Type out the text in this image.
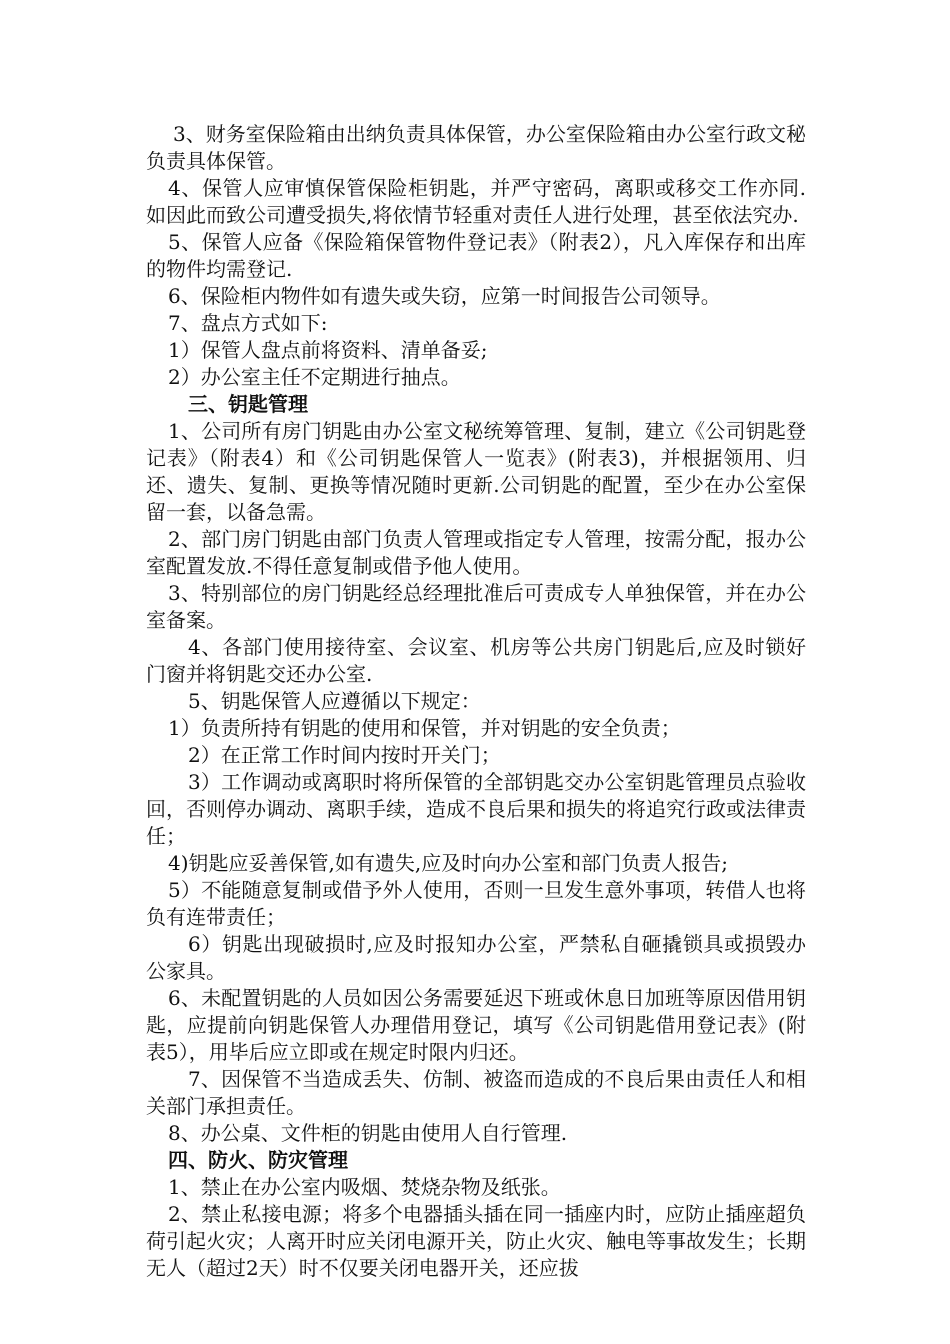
3、财务室保险箱由出纳负责具体保管，办公室保险箱由办公室行政文秘负责具体保管。

4、保管人应审慎保管保险柜钥匙，并严守密码，离职或移交工作亦同.如因此而致公司遭受损失,将依情节轻重对责任人进行处理，甚至依法究办.

5、保管人应备《保险箱保管物件登记表》（附表2），凡入库保存和出库的物件均需登记.

6、保险柜内物件如有遗失或失窃，应第一时间报告公司领导。

7、盘点方式如下:

1）保管人盘点前将资料、清单备妥;

2）办公室主任不定期进行抽点。

三、钥匙管理

1、公司所有房门钥匙由办公室文秘统筹管理、复制，建立《公司钥匙登记表》（附表4）和《公司钥匙保管人一览表》(附表3)，并根据领用、归还、遗失、复制、更换等情况随时更新.公司钥匙的配置，至少在办公室保留一套，以备急需。

2、部门房门钥匙由部门负责人管理或指定专人管理，按需分配，报办公室配置发放.不得任意复制或借予他人使用。

3、特别部位的房门钥匙经总经理批准后可责成专人单独保管，并在办公室备案。

4、各部门使用接待室、会议室、机房等公共房门钥匙后,应及时锁好门窗并将钥匙交还办公室.

5、钥匙保管人应遵循以下规定：

1）负责所持有钥匙的使用和保管，并对钥匙的安全负责；

2）在正常工作时间内按时开关门；

3）工作调动或离职时将所保管的全部钥匙交办公室钥匙管理员点验收回，否则停办调动、离职手续，造成不良后果和损失的将追究行政或法律责任；

4)钥匙应妥善保管,如有遗失,应及时向办公室和部门负责人报告;

5）不能随意复制或借予外人使用，否则一旦发生意外事项，转借人也将负有连带责任；

6）钥匙出现破损时,应及时报知办公室，严禁私自砸撬锁具或损毁办公家具。

6、未配置钥匙的人员如因公务需要延迟下班或休息日加班等原因借用钥匙，应提前向钥匙保管人办理借用登记，填写《公司钥匙借用登记表》(附表5），用毕后应立即或在规定时限内归还。

7、因保管不当造成丢失、仿制、被盗而造成的不良后果由责任人和相关部门承担责任。

8、办公桌、文件柜的钥匙由使用人自行管理.

四、防火、防灾管理

1、禁止在办公室内吸烟、焚烧杂物及纸张。

2、禁止私接电源；将多个电器插头插在同一插座内时，应防止插座超负荷引起火灾；人离开时应关闭电源开关，防止火灾、触电等事故发生；长期无人（超过2天）时不仅要关闭电器开关，还应拔
